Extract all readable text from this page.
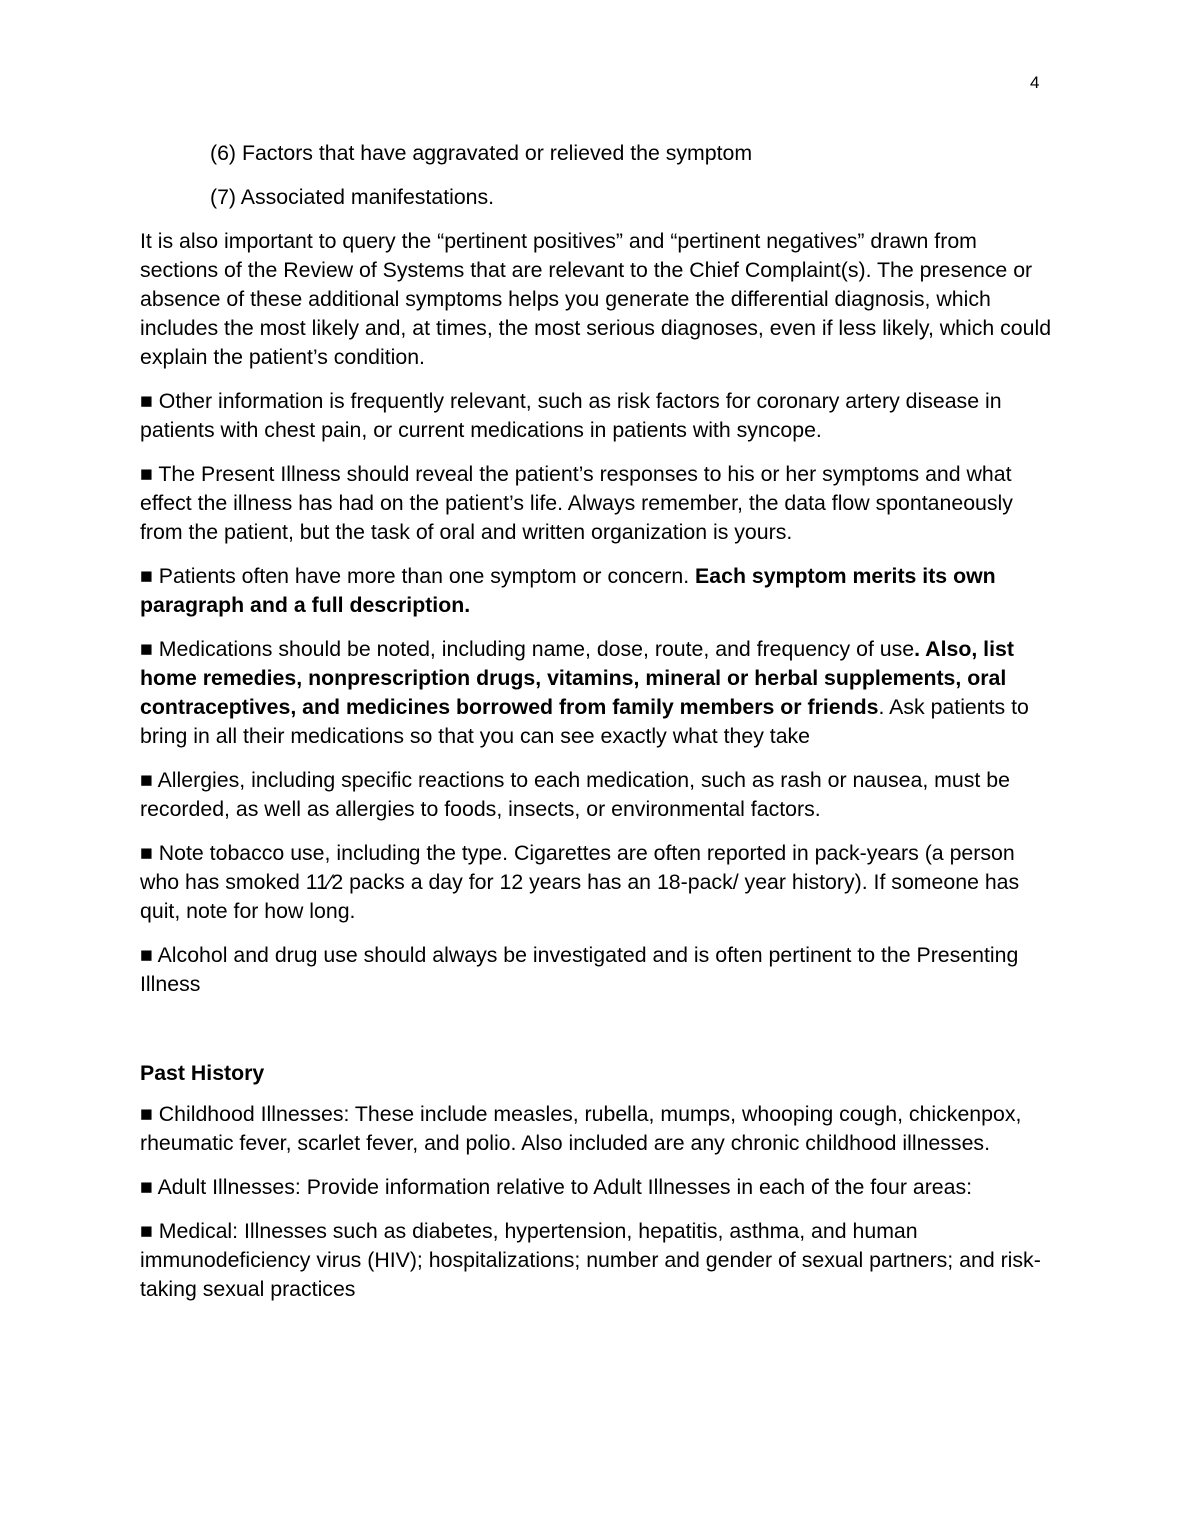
4

(6) Factors that have aggravated or relieved the symptom

(7) Associated manifestations.

It is also important to query the “pertinent positives” and “pertinent negatives” drawn from sections of the Review of Systems that are relevant to the Chief Complaint(s). The presence or absence of these additional symptoms helps you generate the differential diagnosis, which includes the most likely and, at times, the most serious diagnoses, even if less likely, which could explain the patient’s condition.

■ Other information is frequently relevant, such as risk factors for coronary artery disease in patients with chest pain, or current medications in patients with syncope.

■ The Present Illness should reveal the patient’s responses to his or her symptoms and what effect the illness has had on the patient’s life. Always remember, the data flow spontaneously from the patient, but the task of oral and written organization is yours.

■ Patients often have more than one symptom or concern. Each symptom merits its own paragraph and a full description.

■ Medications should be noted, including name, dose, route, and frequency of use. Also, list home remedies, nonprescription drugs, vitamins, mineral or herbal supplements, oral contraceptives, and medicines borrowed from family members or friends. Ask patients to bring in all their medications so that you can see exactly what they take

■ Allergies, including specific reactions to each medication, such as rash or nausea, must be recorded, as well as allergies to foods, insects, or environmental factors.

■ Note tobacco use, including the type. Cigarettes are often reported in pack-years (a person who has smoked 11⁄2 packs a day for 12 years has an 18-pack/ year history). If someone has quit, note for how long.

■ Alcohol and drug use should always be investigated and is often pertinent to the Presenting Illness

Past History

■ Childhood Illnesses: These include measles, rubella, mumps, whooping cough, chickenpox, rheumatic fever, scarlet fever, and polio. Also included are any chronic childhood illnesses.

■ Adult Illnesses: Provide information relative to Adult Illnesses in each of the four areas:

■ Medical: Illnesses such as diabetes, hypertension, hepatitis, asthma, and human immunodeficiency virus (HIV); hospitalizations; number and gender of sexual partners; and risk-taking sexual practices
